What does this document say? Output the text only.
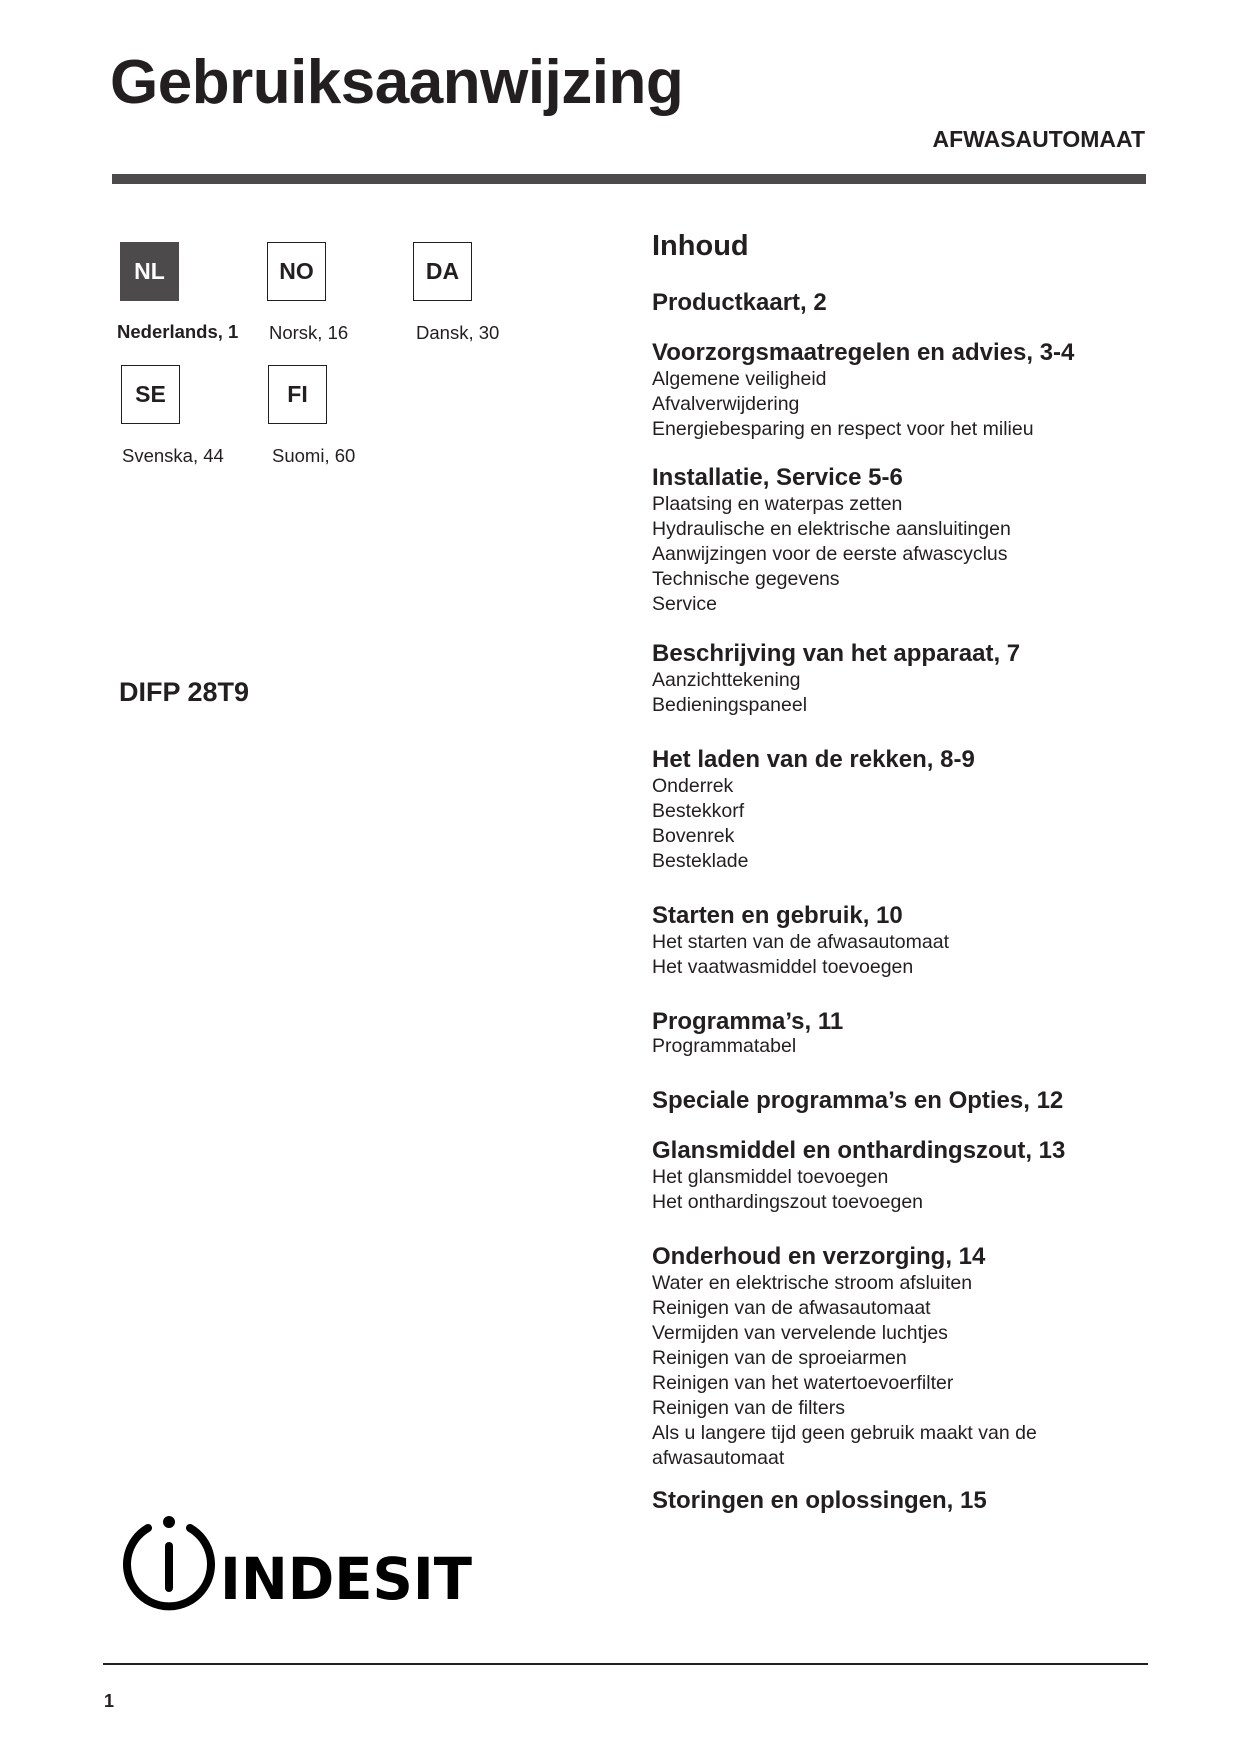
Gebruiksaanwijzing
AFWASAUTOMAAT
NL
Nederlands, 1
NO
Norsk, 16
DA
Dansk, 30
SE
Svenska, 44
FI
Suomi, 60
DIFP 28T9
Inhoud
Productkaart, 2
Voorzorgsmaatregelen en advies, 3-4
Algemene veiligheid
Afvalverwijdering
Energiebesparing en respect voor het milieu
Installatie, Service 5-6
Plaatsing en waterpas zetten
Hydraulische en elektrische aansluitingen
Aanwijzingen voor de eerste afwascyclus
Technische gegevens
Service
Beschrijving van het apparaat, 7
Aanzichttekening
Bedieningspaneel
Het laden van de rekken, 8-9
Onderrek
Bestekkorf
Bovenrek
Besteklade
Starten en gebruik, 10
Het starten van de afwasautomaat
Het vaatwasmiddel toevoegen
Programma’s, 11
Programmatabel
Speciale programma’s en Opties, 12
Glansmiddel en onthardingszout, 13
Het glansmiddel toevoegen
Het onthardingszout toevoegen
Onderhoud en verzorging, 14
Water en elektrische stroom afsluiten
Reinigen van de afwasautomaat
Vermijden van vervelende luchtjes
Reinigen van de sproeiarmen
Reinigen van het watertoevoerfilter
Reinigen van de filters
Als u langere tijd geen gebruik maakt van de
afwasautomaat
Storingen en oplossingen, 15
INDESIT
1
